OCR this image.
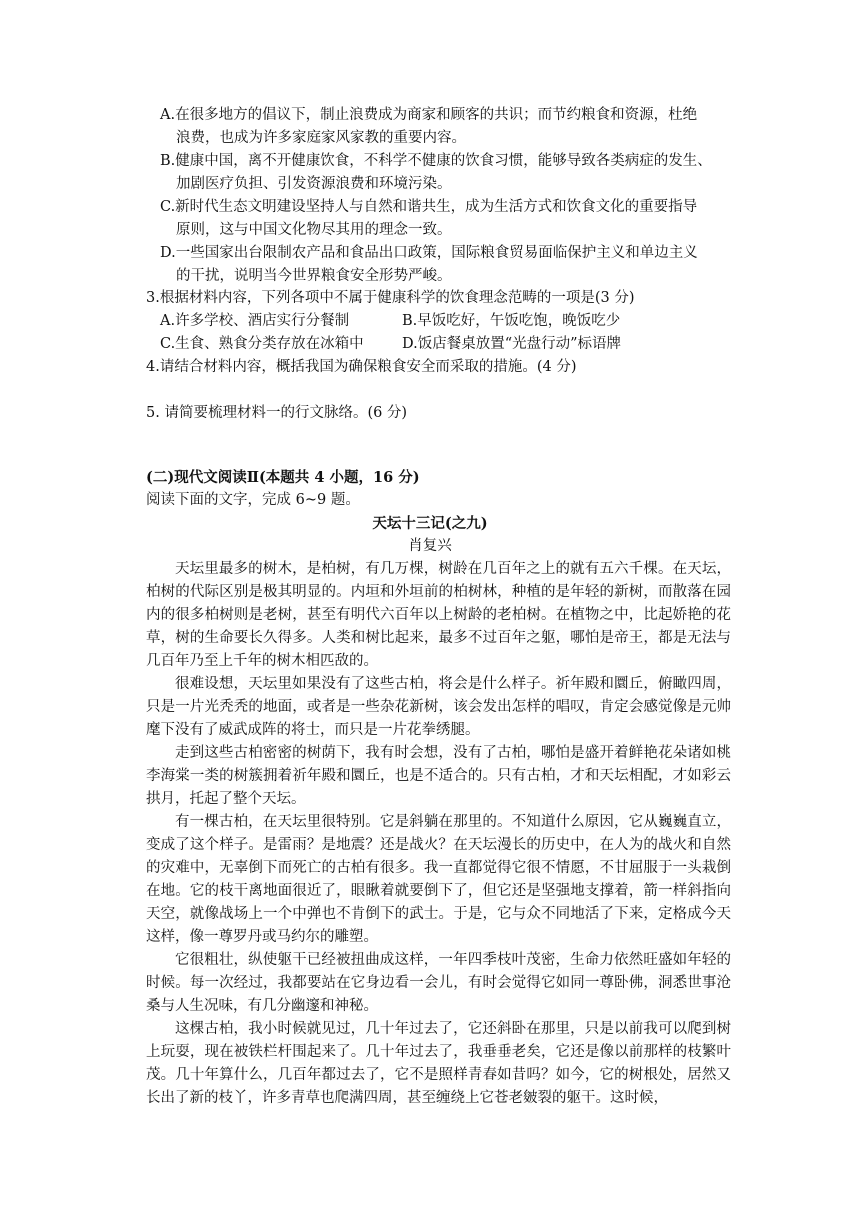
A.在很多地方的倡议下，制止浪费成为商家和顾客的共识；而节约粮食和资源，杜绝
浪费，也成为许多家庭家风家教的重要内容。
B.健康中国，离不开健康饮食，不科学不健康的饮食习惯，能够导致各类病症的发生、
加剧医疗负担、引发资源浪费和环境污染。
C.新时代生态文明建设坚持人与自然和谐共生，成为生活方式和饮食文化的重要指导
原则，这与中国文化物尽其用的理念一致。
D.一些国家出台限制农产品和食品出口政策，国际粮食贸易面临保护主义和单边主义
的干扰，说明当今世界粮食安全形势严峻。
3.根据材料内容，下列各项中不属于健康科学的饮食理念范畴的一项是(3 分)
A.许多学校、酒店实行分餐制	B.早饭吃好，午饭吃饱，晚饭吃少
C.生食、熟食分类存放在冰箱中	D.饭店餐桌放置“光盘行动”标语牌
4.请结合材料内容，概括我国为确保粮食安全而采取的措施。(4 分)
5. 请简要梳理材料一的行文脉络。(6 分)
(二)现代文阅读Ⅱ(本题共 4 小题，16 分)
阅读下面的文字，完成 6~9 题。
天坛十三记(之九)
肖复兴
天坛里最多的树木，是柏树，有几万棵，树龄在几百年之上的就有五六千棵。在天坛，柏树的代际区别是极其明显的。内垣和外垣前的柏树林，种植的是年轻的新树，而散落在园内的很多柏树则是老树，甚至有明代六百年以上树龄的老柏树。在植物之中，比起娇艳的花草，树的生命要长久得多。人类和树比起来，最多不过百年之躯，哪怕是帝王，都是无法与几百年乃至上千年的树木相匹敌的。
很难设想，天坛里如果没有了这些古柏，将会是什么样子。祈年殿和圜丘，俯瞰四周，只是一片光秃秃的地面，或者是一些杂花新树，该会发出怎样的唱叹，肯定会感觉像是元帅麾下没有了威武成阵的将士，而只是一片花拳绣腿。
走到这些古柏密密的树荫下，我有时会想，没有了古柏，哪怕是盛开着鲜艳花朵诸如桃李海棠一类的树簇拥着祈年殿和圜丘，也是不适合的。只有古柏，才和天坛相配，才如彩云拱月，托起了整个天坛。
有一棵古柏，在天坛里很特别。它是斜躺在那里的。不知道什么原因，它从巍巍直立，变成了这个样子。是雷雨？是地震？还是战火？在天坛漫长的历史中，在人为的战火和自然的灾难中，无辜倒下而死亡的古柏有很多。我一直都觉得它很不情愿，不甘屈服于一头栽倒在地。它的枝干离地面很近了，眼瞅着就要倒下了，但它还是坚强地支撑着，箭一样斜指向天空，就像战场上一个中弹也不肯倒下的武士。于是，它与众不同地活了下来，定格成今天这样，像一尊罗丹或马约尔的雕塑。
它很粗壮，纵使躯干已经被扭曲成这样，一年四季枝叶茂密，生命力依然旺盛如年轻的时候。每一次经过，我都要站在它身边看一会儿，有时会觉得它如同一尊卧佛，洞悉世事沧桑与人生况味，有几分幽邃和神秘。
这棵古柏，我小时候就见过，几十年过去了，它还斜卧在那里，只是以前我可以爬到树上玩耍，现在被铁栏杆围起来了。几十年过去了，我垂垂老矣，它还是像以前那样的枝繁叶茂。几十年算什么，几百年都过去了，它不是照样青春如昔吗？如今，它的树根处，居然又长出了新的枝丫，许多青草也爬满四周，甚至缠绕上它苍老皴裂的躯干。这时候，
